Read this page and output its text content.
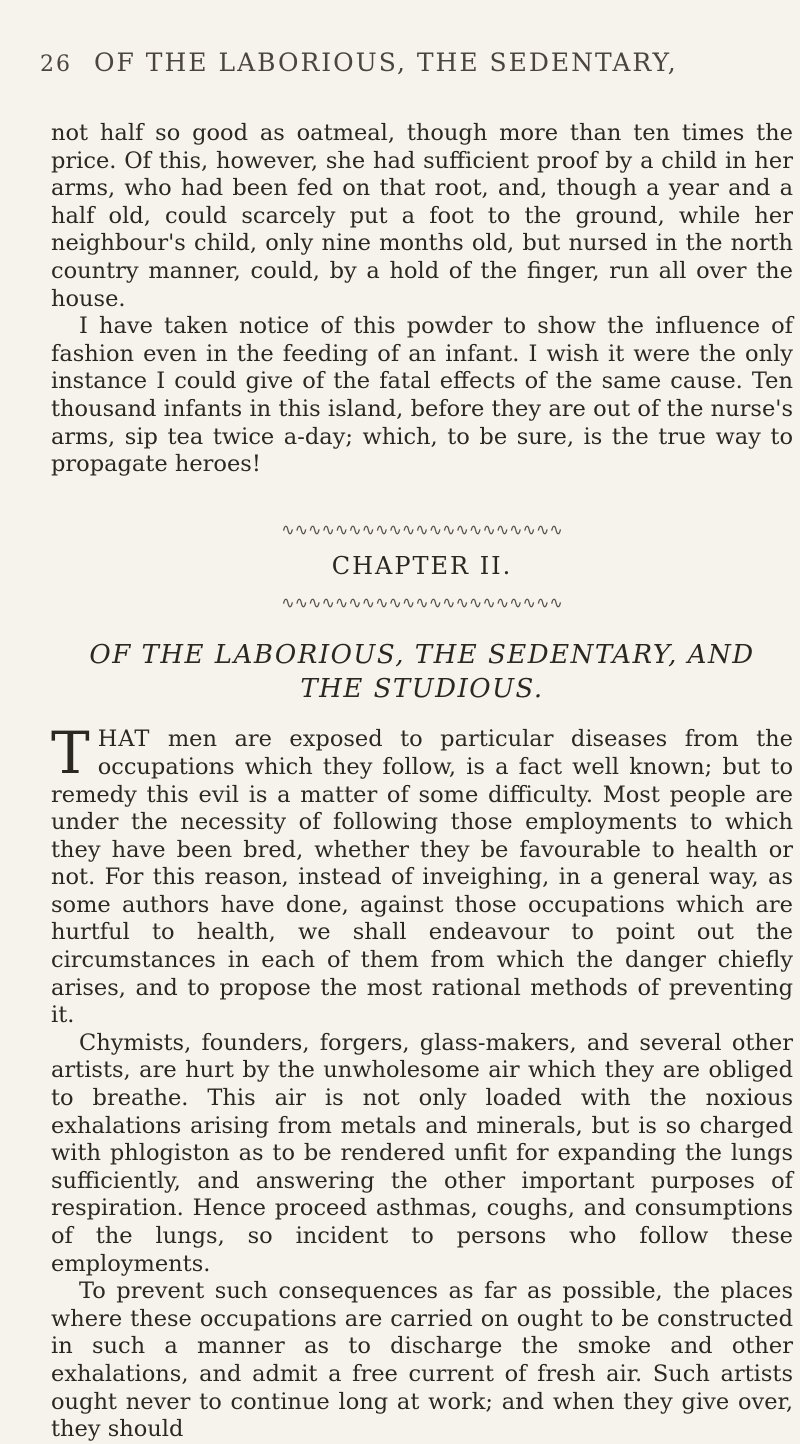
26 OF THE LABORIOUS, THE SEDENTARY,

not half so good as oatmeal, though more than ten times the price. Of this, however, she had sufficient proof by a child in her arms, who had been fed on that root, and, though a year and a half old, could scarcely put a foot to the ground, while her neighbour's child, only nine months old, but nursed in the north country manner, could, by a hold of the finger, run all over the house.

I have taken notice of this powder to show the influence of fashion even in the feeding of an infant. I wish it were the only instance I could give of the fatal effects of the same cause. Ten thousand infants in this island, before they are out of the nurse's arms, sip tea twice a-day; which, to be sure, is the true way to propagate heroes!

∿∿∿∿∿∿∿∿∿∿∿∿∿∿∿∿∿∿∿∿∿
CHAPTER II.
∿∿∿∿∿∿∿∿∿∿∿∿∿∿∿∿∿∿∿∿∿
OF THE LABORIOUS, THE SEDENTARY, AND
THE STUDIOUS.

THAT men are exposed to particular diseases from the occupations which they follow, is a fact well known; but to remedy this evil is a matter of some difficulty. Most people are under the necessity of following those employments to which they have been bred, whether they be favourable to health or not. For this reason, instead of inveighing, in a general way, as some authors have done, against those occupations which are hurtful to health, we shall endeavour to point out the circumstances in each of them from which the danger chiefly arises, and to propose the most rational methods of preventing it.

Chymists, founders, forgers, glass-makers, and several other artists, are hurt by the unwholesome air which they are obliged to breathe. This air is not only loaded with the noxious exhalations arising from metals and minerals, but is so charged with phlogiston as to be rendered unfit for expanding the lungs sufficiently, and answering the other important purposes of respiration. Hence proceed asthmas, coughs, and consumptions of the lungs, so incident to persons who follow these employments.

To prevent such consequences as far as possible, the places where these occupations are carried on ought to be constructed in such a manner as to discharge the smoke and other exhalations, and admit a free current of fresh air. Such artists ought never to continue long at work; and when they give over, they should
